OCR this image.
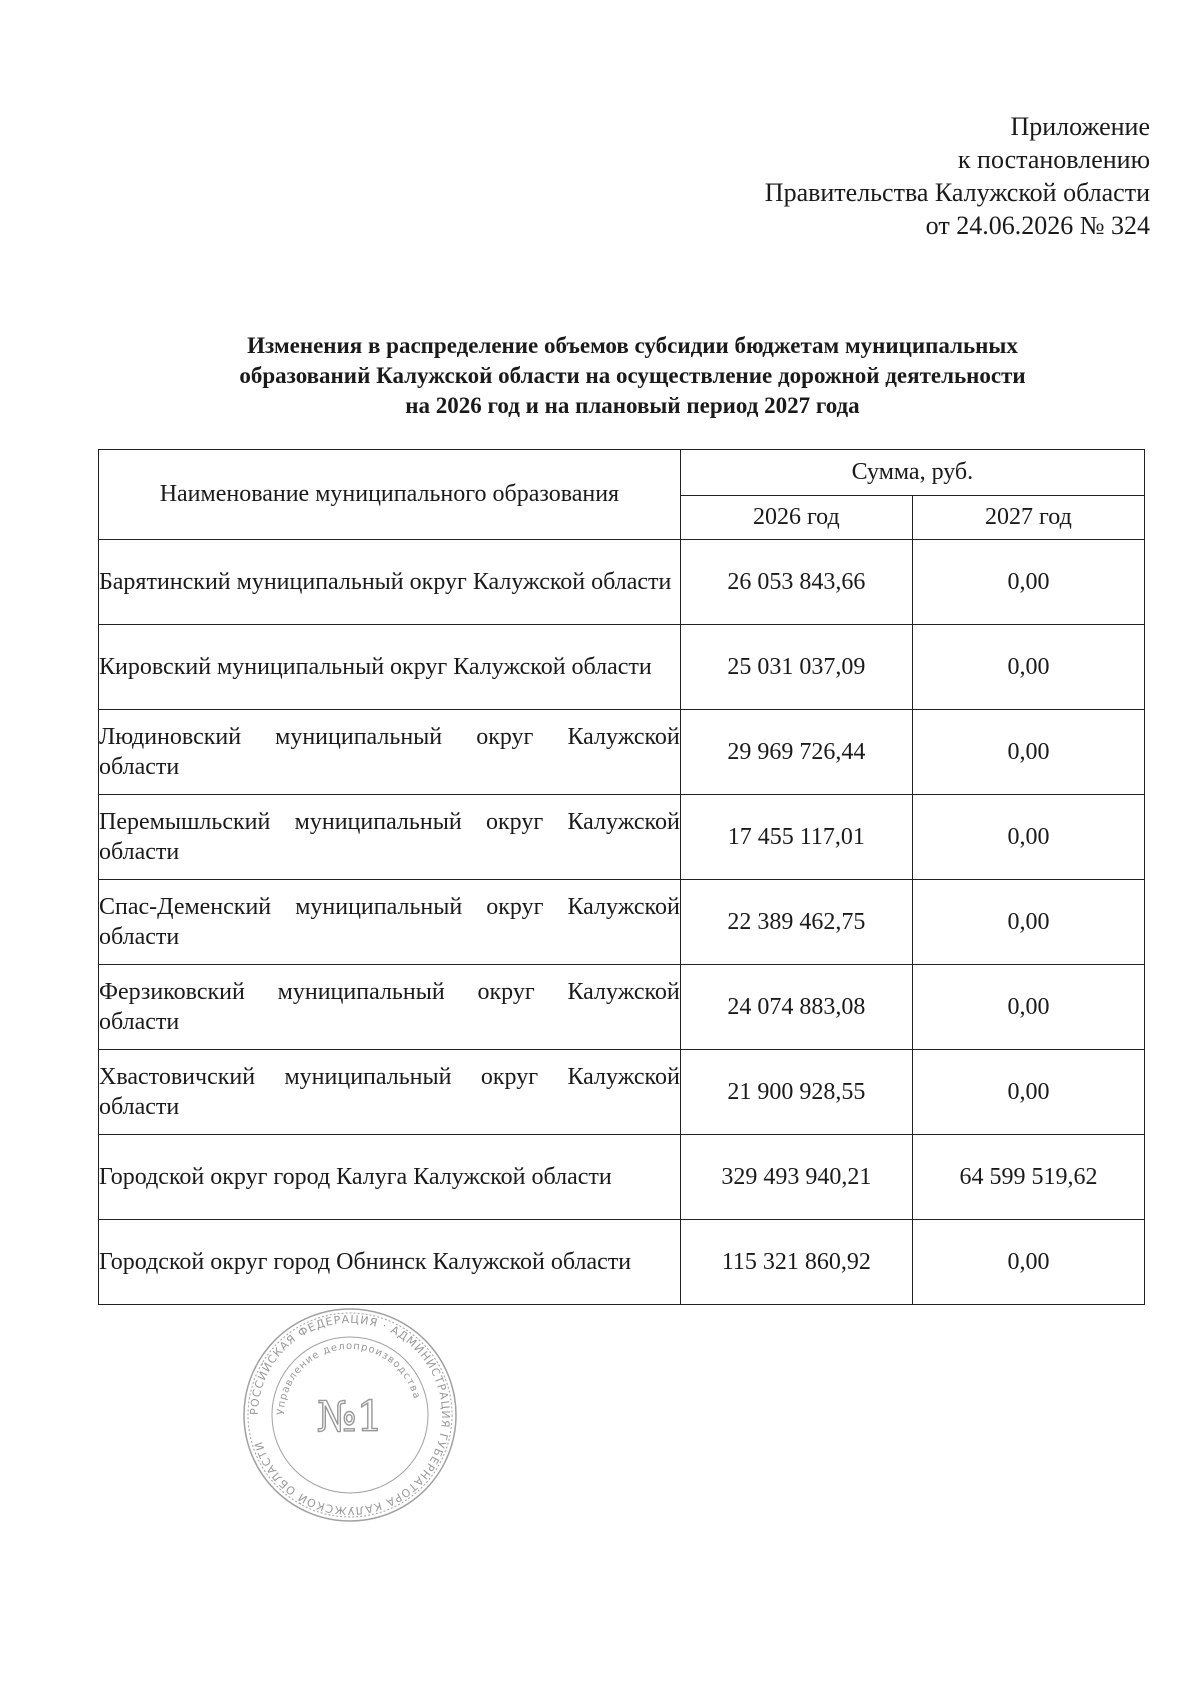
Приложение
к постановлению
Правительства Калужской области
от 24.06.2026 № 324
Изменения в распределение объемов субсидии бюджетам муниципальных
образований Калужской области на осуществление дорожной деятельности
на 2026 год и на плановый период 2027 года
Наименование муниципального образования	Сумма, руб.	
	2026 год	2027 год
Барятинский муниципальный округ Калужской области	26 053 843,66	0,00
Кировский муниципальный округ Калужской области	25 031 037,09	0,00
Людиновский муниципальный округ Калужской области	29 969 726,44	0,00
Перемышльский муниципальный округ Калужской области	17 455 117,01	0,00
Спас-Деменский муниципальный округ Калужской области	22 389 462,75	0,00
Ферзиковский муниципальный округ Калужской области	24 074 883,08	0,00
Хвастовичский муниципальный округ Калужской области	21 900 928,55	0,00
Городской округ город Калуга Калужской области	329 493 940,21	64 599 519,62
Городской округ город Обнинск Калужской области	115 321 860,92	0,00
РОССИЙСКАЯ ФЕДЕРАЦИЯ · АДМИНИСТРАЦИЯ ГУБЕРНАТОРА КАЛУЖСКОЙ ОБЛАСТИ
Управление делопроизводства
№1
